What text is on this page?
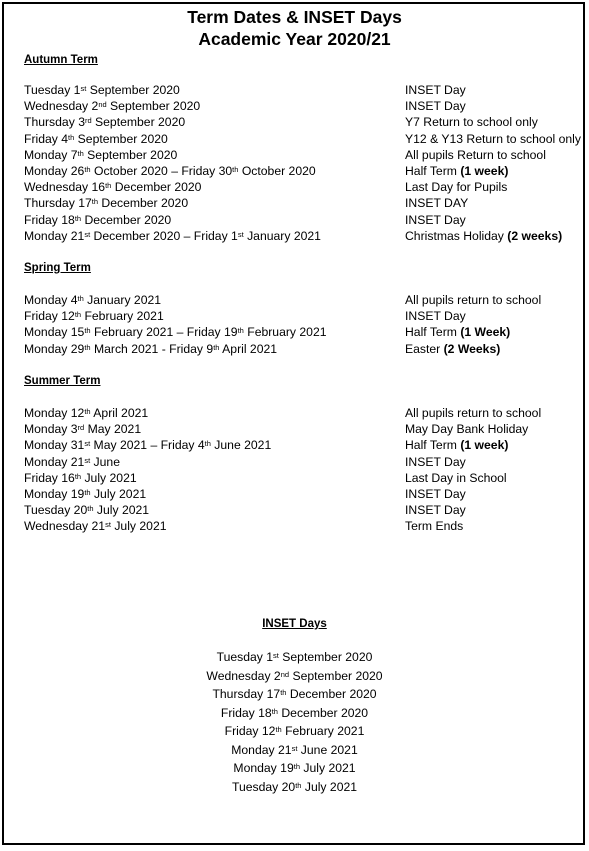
Term Dates & INSET Days
Academic Year 2020/21
Autumn Term
Tuesday 1st September 2020	INSET Day
Wednesday 2nd September 2020	INSET Day
Thursday 3rd September 2020	Y7 Return to school only
Friday 4th September 2020	Y12 & Y13 Return to school only
Monday 7th September 2020	All pupils Return to school
Monday 26th October 2020 – Friday 30th October 2020	Half Term (1 week)
Wednesday 16th December 2020	Last Day for Pupils
Thursday 17th December 2020	INSET DAY
Friday 18th December 2020	INSET Day
Monday 21st December 2020 – Friday 1st January 2021	Christmas Holiday (2 weeks)
Spring Term
Monday 4th January 2021	All pupils return to school
Friday 12th February 2021	INSET Day
Monday 15th February 2021 – Friday 19th February 2021	Half Term (1 Week)
Monday 29th March 2021 - Friday 9th April 2021	Easter (2 Weeks)
Summer Term
Monday 12th April 2021	All pupils return to school
Monday 3rd May 2021	May Day Bank Holiday
Monday 31st May 2021 – Friday 4th June 2021	Half Term (1 week)
Monday 21st June	INSET Day
Friday 16th July 2021	Last Day in School
Monday 19th July 2021	INSET Day
Tuesday 20th July 2021	INSET Day
Wednesday 21st July 2021	Term Ends
INSET Days
Tuesday 1st September 2020
Wednesday 2nd September 2020
Thursday 17th December 2020
Friday 18th December 2020
Friday 12th February 2021
Monday 21st June 2021
Monday 19th July 2021
Tuesday 20th July 2021
